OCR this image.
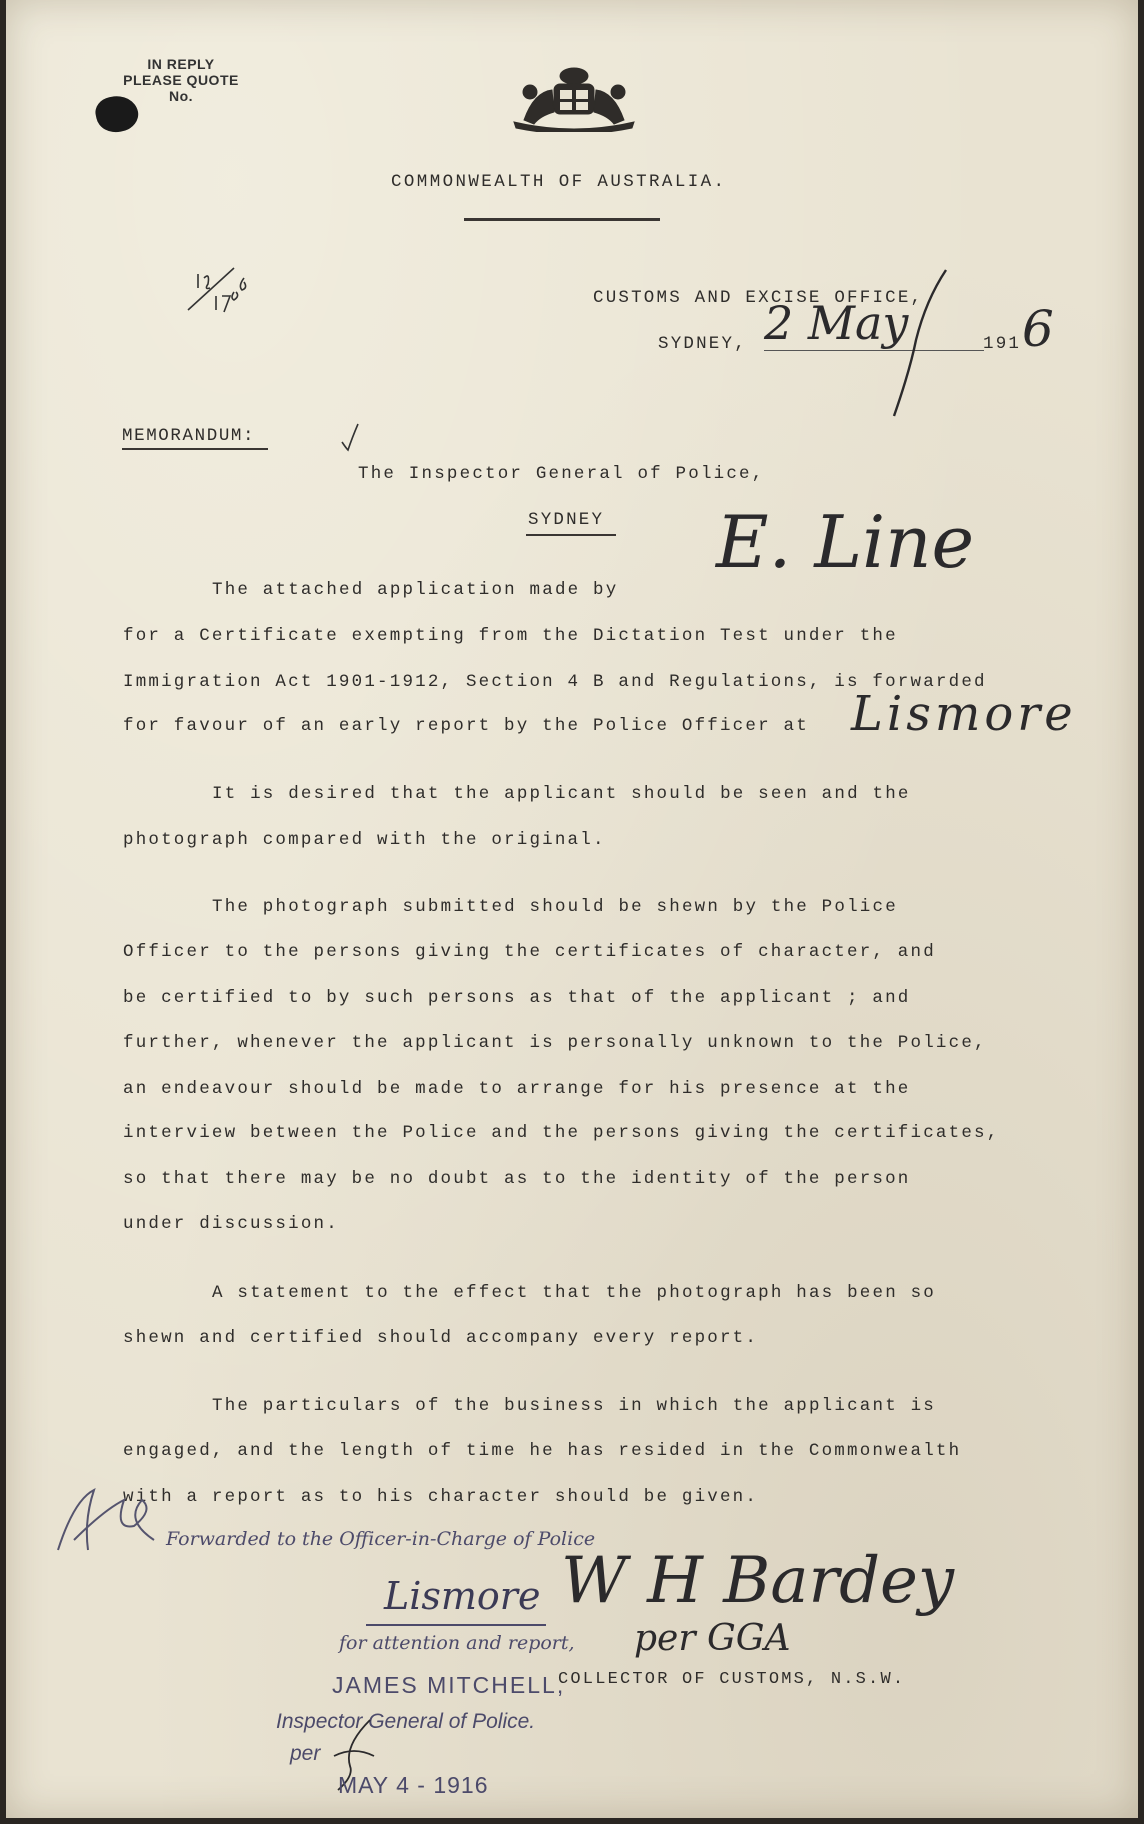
IN REPLY
PLEASE QUOTE
No.
COMMONWEALTH OF AUSTRALIA.
CUSTOMS AND EXCISE OFFICE,
SYDNEY, 2 May	191 6
MEMORANDUM:
The Inspector General of Police,
SYDNEY
The attached application made by
E. Line
for a Certificate exempting from the Dictation Test under the
Immigration Act 1901-1912, Section 4 B and Regulations, is forwarded
for favour of an early report by the Police Officer at Lismore
It is desired that the applicant should be seen and the
photograph compared with the original.
The photograph submitted should be shewn by the Police
Officer to the persons giving the certificates of character, and
be certified to by such persons as that of the applicant ; and
further, whenever the applicant is personally unknown to the Police,
an endeavour should be made to arrange for his presence at the
interview between the Police and the persons giving the certificates,
so that there may be no doubt as to the identity of the person
under discussion.
A statement to the effect that the photograph has been so
shewn and certified should accompany every report.
The particulars of the business in which the applicant is
engaged, and the length of time he has resided in the Commonwealth
with a report as to his character should be given.
Forwarded to the Officer-in-Charge of Police
Lismore W H Bardey
for attention and report, per GGA
JAMES MITCHELL,
COLLECTOR OF CUSTOMS, N.S.W.
Inspector General of Police.
per
MAY 4 - 1916
